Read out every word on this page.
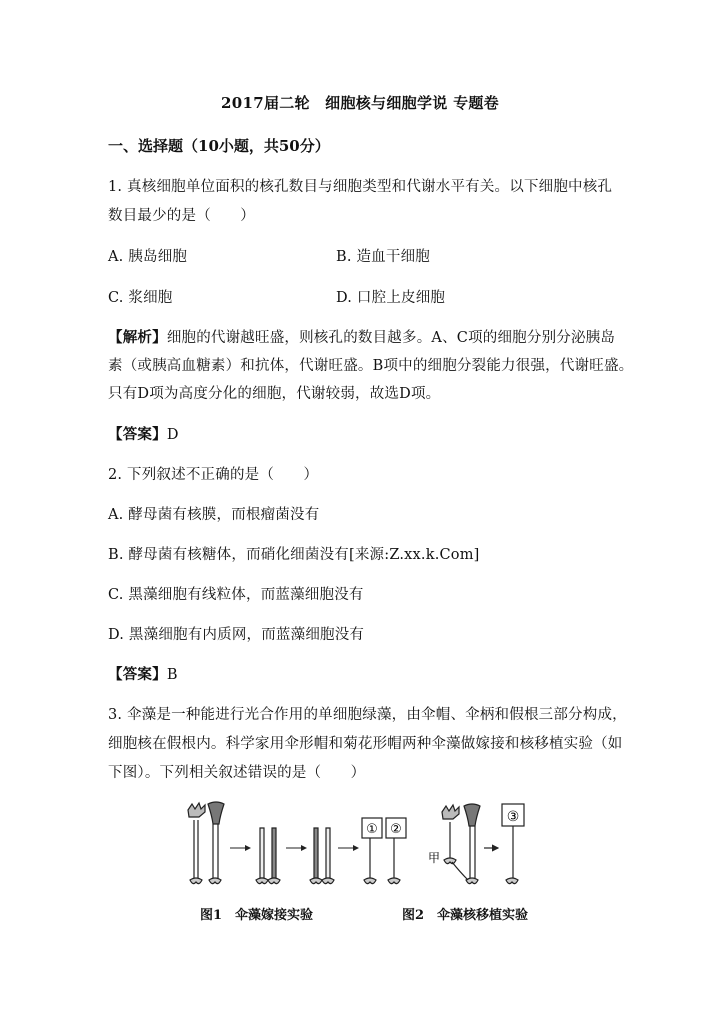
2017届二轮　细胞核与细胞学说 专题卷
一、选择题（10小题，共50分）
1. 真核细胞单位面积的核孔数目与细胞类型和代谢水平有关。以下细胞中核孔
数目最少的是（　　）
A. 胰岛细胞	B. 造血干细胞
C. 浆细胞	D. 口腔上皮细胞
【解析】细胞的代谢越旺盛，则核孔的数目越多。A、C项的细胞分别分泌胰岛
素（或胰高血糖素）和抗体，代谢旺盛。B项中的细胞分裂能力很强，代谢旺盛。
只有D项为高度分化的细胞，代谢较弱，故选D项。
【答案】D
2. 下列叙述不正确的是（　　）
A. 酵母菌有核膜，而根瘤菌没有
B. 酵母菌有核糖体，而硝化细菌没有[来源:Z.xx.k.Com]
C. 黑藻细胞有线粒体，而蓝藻细胞没有
D. 黑藻细胞有内质网，而蓝藻细胞没有
【答案】B
3. 伞藻是一种能进行光合作用的单细胞绿藻，由伞帽、伞柄和假根三部分构成，
细胞核在假根内。科学家用伞形帽和菊花形帽两种伞藻做嫁接和核移植实验（如
下图）。下列相关叙述错误的是（　　）
① ②
③
甲
图1　伞藻嫁接实验	图2　伞藻核移植实验
